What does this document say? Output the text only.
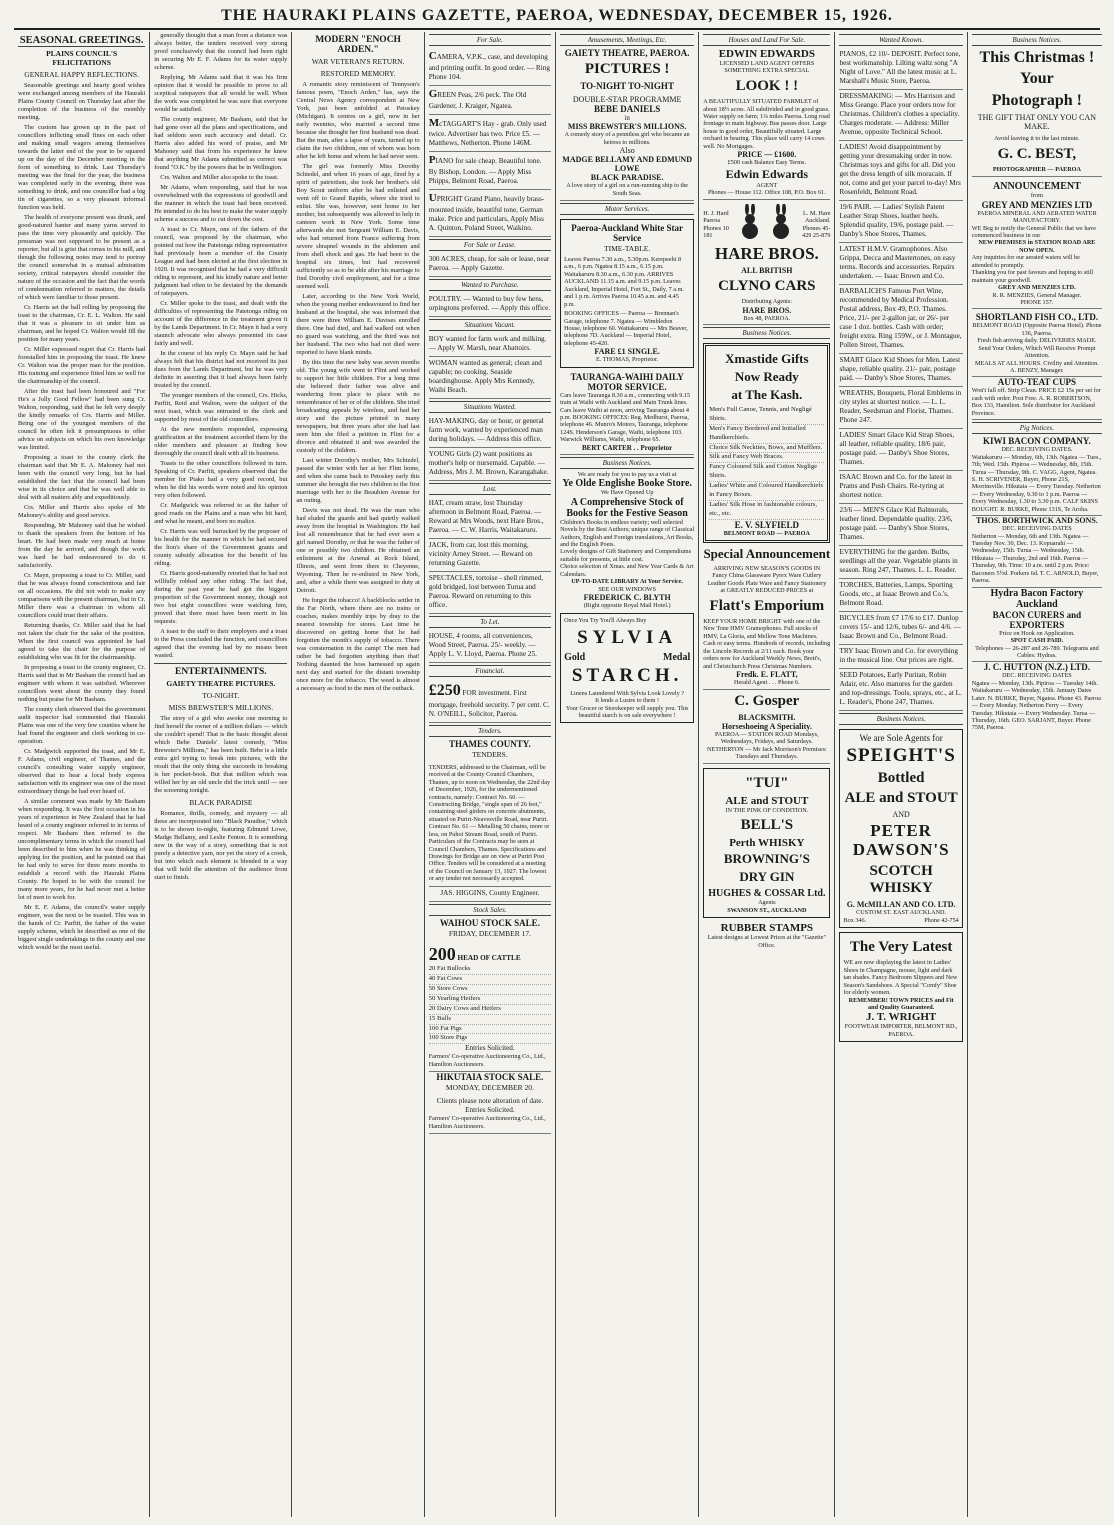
THE HAURAKI PLAINS GAZETTE, PAEROA, WEDNESDAY, DECEMBER 15, 1926.
SEASONAL GREETINGS.
PLAINS COUNCIL'S FELICITATIONS
GENERAL HAPPY REFLECTIONS.

Seasonable greetings and hearty good wishes were exchanged among members of the Hauraki Plains County Council on Thursday last after the completion of the business of the monthly meeting.

The custom has grown up in the past of councillors inflicting small fines on each other and making small wagers among themselves towards the latter end of the year to be squared up on the day of the December meeting in the form of something to drink. Last Thursday's meeting was the final for the year, the business was completed early in the evening, there was something to drink, and one councillor had a big tin of cigarettes, so a very pleasant informal function was held.

The health of everyone present was drunk, and good-natured banter and many yarns served to pass the time very pleasantly and quickly. The pressman was not supposed to be present as a reporter, but all is grist that comes to his mill, and though the following notes may tend to portray the council somewhat in a mutual admiration society, critical ratepayers should consider the nature of the occasion and the fact that the words of condemnation referred to matters, the details of which were familiar to those present.

Cr. Harris set the ball rolling by proposing the toast to the chairman, Cr. E. L. Walton. He said that it was a pleasure to sit under him as chairman, and he hoped Cr. Walton would fill the position for many years.

Cr. Miller expressed regret that Cr. Harris had forestalled him in proposing the toast. He knew Cr. Walton was the proper man for the position. His training and experience fitted him so well for the chairmanship of the council.

After the toast had been honoured and "For He's a Jolly Good Fellow" had been sung Cr. Walton, responding, said that he felt very deeply the kindly remarks of Crs. Harris and Miller. Being one of the youngest members of the council he often felt it presumptuous to offer advice on subjects on which his own knowledge was limited.

Proposing a toast to the county clerk the chairman said that Mr E. A. Mahoney had not been with the council very long, but he had established the fact that the council had been wise in its choice and that he was well able to deal with all matters ably and expeditiously.

Crs. Miller and Harris also spoke of Mr Mahoney's ability and good service.

Responding, Mr Mahoney said that he wished to thank the speakers from the bottom of his heart. He had been made very much at home from the day he arrived, and though the work was hard he had endeavoured to do it satisfactorily.

Cr. Mayn, proposing a toast to Cr. Miller, said that he was always found conscientious and fair on all occasions. He did not wish to make any comparisons with the present chairman, but in Cr. Miller there was a chairman in whom all councillors could trust their affairs.

Returning thanks, Cr. Miller said that he had not taken the chair for the sake of the position. When the first council was appointed he had agreed to take the chair for the purpose of establishing who was fit for the chairmanship.

In proposing a toast to the county engineer, Cr. Harris said that in Mr Basham the council had an engineer with whom it was satisfied. Wherever councillors went about the county they found nothing but praise for Mr Basham.

The county clerk observed that the government audit inspector had commented that Hauraki Plains was one of the very few counties where he had found the engineer and clerk working in co-operation.

Cr. Madgwick supported the toast, and Mr E. F. Adams, civil engineer, of Thames, and the council's consulting water supply engineer, observed that to hear a local body express satisfaction with its engineer was one of the most extraordinary things he had ever heard of.

A similar comment was made by Mr Basham when responding. It was the first occasion in his years of experience in New Zealand that he had heard of a county engineer referred to in terms of respect. Mr Basham then referred to the uncomplimentary terms in which the council had been described to him when he was thinking of applying for the position, and he pointed out that he had only to serve for three more months to establish a record with the Hauraki Plains County. He hoped to be with the council for many more years, for he had never met a better lot of men to work for.

Mr E. F. Adams, the council's water supply engineer, was the next to be toasted. This was in the hands of Cr. Parfitt, the father of the water supply scheme, which he described as one of the biggest single undertakings in the county and one which would be the most useful.

generally thought that a man from a distance was always better, the tenders received very strong proof conclusively that the council had been right in securing Mr E. F. Adams for its water supply scheme.

Replying, Mr Adams said that it was his firm opinion that it would be possible to prove to all sceptical ratepayers that all would be well. When the work was completed he was sure that everyone would be satisfied.

The county engineer, Mr Basham, said that he had gone over all the plans and specifications, and had seldom seen such accuracy and detail. Cr. Harris also added his word of praise, and Mr Mahoney said that from his experience he knew that anything Mr Adams submitted as correct was found "O.K." by the powers that be in Wellington.

Crs. Walton and Miller also spoke to the toast.

Mr Adams, when responding, said that he was overwhelmed with the expressions of goodwill and the manner in which the toast had been received. He intended to do his best to make the water supply scheme a success and to cut down the cost.

A toast to Cr. Mayn, one of the fathers of the council, was proposed by the chairman, who pointed out how the Patetonga riding representative had previously been a member of the County League and had been elected at the first election in 1920. It was recognised that he had a very difficult riding to represent, and his kindly nature and better judgment had often to be deviated by the demands of ratepayers.

Cr. Miller spoke to the toast, and dealt with the difficulties of representing the Patetonga riding on account of the difference in the treatment given it by the Lands Department. In Cr. Mayn it had a very staunch advocate who always presented its case fairly and well.

In the course of his reply Cr. Mayn said he had always felt that his district had not received its just dues from the Lands Department, but he was very definite in asserting that it had always been fairly treated by the council.

The younger members of the council, Crs. Hicks, Parfitt, Reid and Walton, were the subject of the next toast, which was entrusted to the clerk and supported by most of the old councillors.

At the new members responded, expressing gratification at the treatment accorded them by the older members and pleasure at finding how thoroughly the council dealt with all its business.

Toasts to the other councillors followed in turn. Speaking of Cr. Parfitt, speakers observed that the member for Piako had a very good record, but when he did his words were noted and his opinion very often followed.

Cr. Madgwick was referred to as the father of good roads on the Plains and a man who hit hard, and what he meant, and bore no malice.

Cr. Harris was well barracked by the proposer of his health for the manner in which he had secured the lion's share of the Government grants and county subsidy allocation for the benefit of his riding.

Cr. Harris good-naturedly retorted that he had not willfully robbed any other riding. The fact that, during the past year he had got the biggest proportion of the Government money, though not two but eight councillors were watching him, proved that there must have been merit in his requests.

A toast to the staff to their employers and a toast to the Press concluded the function, and councillors agreed that the evening had by no means been wasted.

ENTERTAINMENTS.
GAIETY THEATRE PICTURES.
TO-NIGHT.
MISS BREWSTER'S MILLIONS.

The story of a girl who awoke one morning to find herself the owner of a million dollars — which she couldn't spend! That is the basic thought about which Bebe Daniels' latest comedy, "Miss Brewster's Millions," has been built. Bebe is a little extra girl trying to break into pictures, with the result that the only thing she succeeds in breaking is her pocket-book. But that million which was willed her by an old uncle did the trick until — see the screening tonight.

BLACK PARADISE

Romance, thrills, comedy, and mystery — all these are incorporated into "Black Paradise," which is to be shown to-night, featuring Edmund Lowe, Madge Bellamy, and Leslie Fenton. It is something new in the way of a story, something that is not purely a detective yarn, nor yet the story of a crook, but into which each element is blended in a way that will hold the attention of the audience from start to finish.

MODERN "ENOCH ARDEN."
WAR VETERAN'S RETURN.
RESTORED MEMORY.

A romantic story reminiscent of Tennyson's famous poem, "Enoch Arden," has, says the Central News Agency correspondent at New York, just been unfolded at Petoskey (Michigan). It centres on a girl, now in her early twenties, who married a second time because she thought her first husband was dead. But the man, after a lapse of years, turned up to claim the two children, one of whom was born after he left home and whom he had never seen.

The girl was formerly Miss Dorothy Schiedel, and when 16 years of age, fired by a spirit of patriotism, she took her brother's old Boy Scout uniform after he had enlisted and went off to Grand Rapids, where she tried to enlist. She was, however, sent home to her mother, but subsequently was allowed to help in canteen work in New York. Some time afterwards she met Sergeant William E. Davis, who had returned from France suffering from severe shrapnel wounds in the abdomen and from shell shock and gas. He had been to the hospital six times, but had recovered sufficiently so as to be able after his marriage to find Dorothy civil employment, and for a time seemed well.

Later, according to the New York World, when the young mother endeavoured to find her husband at the hospital, she was informed that there were three William E. Davises enrolled there. One had died, and had walked out when no guard was watching, and the third was not her husband. The two who had not died were reported to have blank minds.

By this time the new baby was seven months old. The young wife went to Flint and worked to support her little children. For a long time she believed their father was alive and wandering from place to place with no remembrance of her or of the children. She tried broadcasting appeals by wireless, and had her story and the picture printed in many newspapers, but three years after she had last seen him she filed a petition in Flint for a divorce and obtained it and was awarded the custody of the children.

Last winter Dorothy's mother, Mrs Schiedel, passed the winter with her at her Flint home, and when she came back to Petoskey early this summer she brought the two children to the first marriage with her to the Beaubien Avenue for an outing.

Davis was not dead. He was the man who had eluded the guards and had quietly walked away from the hospital in Washington. He had lost all remembrance that he had ever seen a girl named Dorothy, or that he was the father of one or possibly two children. He obtained an enlistment at the Arsenal at Rock Island, Illinois, and went from there to Cheyenne, Wyoming. Then he re-enlisted in New York, and, after a while there was assigned to duty at Detroit.

He forgot the tobacco! A backblocks settler in the Far North, where there are no trains or coaches, makes monthly trips by dray to the nearest township for stores. Last time he discovered on getting home that he had forgotten the month's supply of tobacco. There was consternation in the camp! The men had rather be had forgotten anything than that! Nothing daunted the boss harnessed up again next day and started for the distant township once more for the tobacco. The weed is almost a necessary as food to the men of the outback.

For Sale.
CAMERA, V.P.K., case, and developing and printing outfit. In good order. — Ring Phone 104.
GREEN Peas, 2/6 peck. The Old Gardener, J. Kraiger, Ngatea.
McTAGGART'S Hay - grab. Only used twice. Advertiser has two. Price £5. — Matthews, Netherton. Phone 146M.
PIANO for sale cheap. Beautiful tone. By Bishop, London. — Apply Miss Phipps, Belmont Road, Paeroa.
UPRIGHT Grand Piano, heavily brass-mounted inside, beautiful tone, German make. Price and particulars, Apply Miss A. Quinton, Poland Street, Waikino.
For Sale or Lease.
300 ACRES, cheap, for sale or lease, near Paeroa. — Apply Gazette.
Wanted to Purchase.
POULTRY. — Wanted to buy few hens, orpingtons preferred. — Apply this office.
Situations Vacant.
BOY wanted for farm work and milking. — Apply W. Marsh, near Abattoirs.
WOMAN wanted as general; clean and capable; no cooking. Seaside boardinghouse. Apply Mrs Kennedy, Waihi Beach.
Situations Wanted.
HAY-MAKING, day or hour, or general farm work, wanted by experienced man during holidays. — Address this office.
YOUNG Girls (2) want positions as mother's help or nursemaid. Capable. — Address, Mrs J. M. Brown, Karangahake.
Lost.
HAT, cream straw, lost Thursday afternoon in Belmont Road, Paeroa. — Reward at Mrs Woods, next Hare Bros., Paeroa. — C. W. Harris, Waitakaruru.
JACK, from car, lost this morning, vicinity Arney Street. — Reward on returning Gazette.
SPECTACLES, tortoise - shell rimmed, gold bridged, lost between Turua and Paeroa. Reward on returning to this office.
To Let.
HOUSE, 4 rooms, all conveniences, Wood Street, Paeroa. 25/- weekly. — Apply L. V. Lloyd, Paeroa. Phone 25.
Financial.
£250 FOR investment. First mortgage, freehold security. 7 per cent. C. N. O'NEILL, Solicitor, Paeroa.
Tenders.
THAMES COUNTY.
TENDERS.
TENDERS, addressed to the Chairman, will be received at the County Council Chambers, Thames, up to noon on Wednesday, the 22nd day of December, 1926, for the undermentioned contracts, namely: Contract No. 60. — Constructing Bridge, "single span of 26 feet," containing steel girders on concrete abutments, situated on Puriri-Neavesville Road, near Puriri. Contract No. 61 — Metalling 50 chains, more or less, on Puhoi Stream Road, south of Puriri. Particulars of the Contracts may be seen at Council Chambers, Thames. Specifications and Drawings for Bridge are on view at Puriri Post Office. Tenders will be considered at a meeting of the Council on January 13, 1927. The lowest or any tender not necessarily accepted.
JAS. HIGGINS, County Engineer.
Stock Sales.
WAIHOU STOCK SALE.
FRIDAY, DECEMBER 17.
200 HEAD OF CATTLE
20 Fat Bullocks
40 Fat Cows
50 Store Cows
50 Yearling Heifers
20 Dairy Cows and Heifers
15 Bulls
100 Fat Pigs
100 Store Pigs
Entries Solicited.
Farmers' Co-operative Auctioneering Co., Ltd., Hamilton Auctioneers.
HIKUTAIA STOCK SALE.
MONDAY, DECEMBER 20.
Clients please note alteration of date.
Entries Solicited.
Farmers' Co-operative Auctioneering Co., Ltd., Hamilton Auctioneers.
Amusements, Meetings, Etc.
GAIETY THEATRE, PAEROA.
PICTURES !
TO-NIGHT TO-NIGHT
DOUBLE-STAR PROGRAMME
BEBE DANIELS
in
MISS BREWSTER'S MILLIONS.
A comedy story of a penniless girl who became an heiress to millions.
Also
MADGE BELLAMY AND EDMUND LOWE
BLACK PARADISE.
A love story of a girl on a run-running ship to the South Seas.
Motor Services.
Paeroa-Auckland White Star Service
TIME-TABLE.
Leaves Paeroa 7.30 a.m., 5.30p.m. Kerepeehi 8 a.m., 6 p.m. Ngatea 8.15 a.m., 6.15 p.m. Waitakaruru 8.30 a.m., 6.30 p.m. ARRIVES AUCKLAND 11.15 a.m. and 9.15 p.m. Leaves Auckland, Imperial Hotel, Fort St., Daily, 7 a.m. and 1 p.m. Arrives Paeroa 10.45 a.m. and 4.45 p.m.
BOOKING OFFICES — Paeroa — Brennan's Garage, telephone 7. Ngatea — Wimbledon House, telephone 60. Waitakaruru — Mrs Beaver, telephone 7D. Auckland — Imperial Hotel, telephone 45-420.
FARE £1 SINGLE.
E. THOMAS, Proprietor.
TAURANGA-WAIHI DAILY MOTOR SERVICE.
Cars leave Tauranga 8.30 a.m., connecting with 9.15 train at Waihi with Auckland and Main Trunk lines. Cars leave Waihi at noon, arriving Tauranga about 4 p.m. BOOKING OFFICES: Reg. Medhurst, Paeroa, telephone 46. Munro's Motors, Tauranga, telephone 124S. Henderson's Garage, Waihi, telephone 103. Warwick Williams, Waihi, telephone 65.
BERT CARTER . . Proprietor
Business Notices.
We are ready for you to pay us a visit at
Ye Olde Englishe Booke Store.
We Have Opened Up
A Comprehensive Stock of Books for the Festive Season
Children's Books in endless variety; well selected Novels by the Best Authors; unique range of Classical Authors, English and Foreign translations, Art Books, and the English Poets.
Lovely designs of Gift Stationery and Compendiums suitable for presents, at little cost.
Choice selection of Xmas. and New Year Cards & Art Calendars.
UP-TO-DATE LIBRARY At Your Service.
SEE OUR WINDOWS
FREDERICK C. BLYTH
(Right opposite Royal Mail Hotel.)
Once You Try You'll Always Buy
SYLVIA
Gold	Medal
STARCH.
Linens Laundered With Sylvia Look Lovely ?
It lends a Lustre to them !
Your Grocer or Storekeeper will supply you. This beautiful starch is on sale everywhere !
Houses and Land For Sale.
EDWIN EDWARDS
LICENSED LAND AGENT OFFERS SOMETHING EXTRA SPECIAL
LOOK ! !
A BEAUTIFULLY SITUATED FARMLET of about 18½ acres. All subdivided and in good grass. Water supply on farm; 1¼ miles Paeroa. Long road frontage to main highway. Bus passes door. Large house in good order, Beautifully situated. Large orchard in bearing. This place will carry 14 cows well. No Mortgages.
PRICE — £1600.
£500 cash Balance Easy Terms.
Edwin Edwards
AGENT
Phones — House 112. Office 108, P.O. Box 61.
H. J. Hard Paeroa Phones 10 181
L. M. Hare Auckland. Phones 45-429 25-879
HARE BROS.
ALL BRITISH
CLYNO CARS
Distributing Agents:
HARE BROS.
Box 48, PAEROA.
Business Notices.
Xmastide Gifts
Now Ready
at The Kash.
Men's Full Canoe, Tennis, and Negligé Shirts.
Men's Fancy Bordered and Initialled Handkerchiefs.
Choice Silk Neckties, Bows, and Mufflers.
Silk and Fancy Web Braces.
Fancy Coloured Silk and Cotton Neglige Shirts.
Ladies' White and Coloured Handkerchiefs in Fancy Boxes.
Ladies' Silk Hose in fashionable colours, etc., etc.
E. V. SLYFIELD
BELMONT ROAD — PAEROA
Special Announcement
ARRIVING NEW SEASON'S GOODS IN
Fancy China Glassware Pyrex Ware Cutlery Leather Goods Plate Ware and Fancy Stationery
at GREATLY REDUCED PRICES at
Flatt's Emporium
KEEP YOUR HOME BRIGHT with one of the New Tone HMV Gramophones. Full stocks of HMV, La Gloria, and Mellow Tone Machines. Cash or easy terms. Hundreds of records, including the Lincoln Records at 2/11 each. Book your orders now for Auckland Weekly News, Brett's, and Christchurch Press Christmas Numbers.
Fredk. E. FLATT,
Herald Agent . . . Phone 6.
C. Gosper
BLACKSMITH.
Horseshoeing A Speciality.
PAEROA — STATION ROAD Mondays, Wednesdays, Fridays, and Saturdays.
NETHERTON — Mr Jack Morrison's Premises: Tuesdays and Thursdays.
"TUI"
ALE and STOUT
IN THE PINK OF CONDITION.
BELL'S
Perth WHISKY
BROWNING'S
DRY GIN
HUGHES & COSSAR Ltd.
Agents
SWANSON ST., AUCKLAND
RUBBER STAMPS
Latest designs at Lowest Prices at the "Gazette" Office.
Wanted Known.
PIANOS, £2 10/- DEPOSIT. Perfect tone, best workmanship. Lilting waltz song "A Night of Love." All the latest music at L. Marshall's Music Store, Paeroa.
DRESSMAKING: — Mrs Harrison and Miss Geange. Place your orders now for Christmas. Children's clothes a speciality. Charges moderate. — Address: Miller Avenue, opposite Technical School.
LADIES! Avoid disappointment by getting your dressmaking order in now. Christmas toys and gifts for all. Did you get the dress length of silk moracain. If not, come and get your parcel to-day! Mrs Rosenfeldt, Belmont Road.
19/6 PAIR. — Ladies' Stylish Patent Leather Strap Shoes, leather heels. Splendid quality, 19/6, postage paid. — Danby's Shoe Stores, Thames.
LATEST H.M.V. Gramophones. Also Grippa, Decca and Mastertones, on easy terms. Records and accessories. Repairs undertaken. — Isaac Brown and Co.
BARBALICH'S Famous Port Wine, recommended by Medical Profession. Postal address, Box 49, P.O. Thames. Price, 21/- per 2-gallon jar, or 26/- per case 1 doz. bottles. Cash with order; freight extra. Ring 159W., or J. Montague, Pollen Street, Thames.
SMART Glace Kid Shoes for Men. Latest shape, reliable quality. 21/- pair, postage paid. — Danby's Shoe Stores, Thames.
WREATHS, Bouquets, Floral Emblems in city styles at shortest notice. — L. L. Reader, Seedsman and Florist, Thames. Phone 247.
LADIES' Smart Glace Kid Strap Shoes, all leather, reliable quality, 18/6 pair, postage paid. — Danby's Shoe Stores, Thames.
ISAAC Brown and Co. for the latest in Prams and Push Chairs. Re-tyring at shortest notice.
23/6 — MEN'S Glace Kid Balmorals, leather lined. Dependable quality. 23/6, postage paid. — Danby's Shoe Stores, Thames.
EVERYTHING for the garden. Bulbs, seedlings all the year. Vegetable plants in season. Ring 247, Thames. L. L. Reader.
TORCHES, Batteries, Lamps, Sporting Goods, etc., at Isaac Brown and Co.'s, Belmont Road.
BICYCLES from £7 17/6 to £17. Dunlop covers 15/- and 12/6, tubes 6/- and 4/6. — Isaac Brown and Co., Belmont Road.
TRY Isaac Brown and Co. for everything in the musical line. Our prices are right.
SEED Potatoes, Early Puritan, Robin Adair, etc. Also manures for the garden and top-dressings. Tools, sprays, etc., at L. L. Reader's, Phone 247, Thames.
Business Notices.
We are Sole Agents for
SPEIGHT'S
Bottled
ALE and STOUT
AND
PETER DAWSON'S
SCOTCH WHISKY
G. McMILLAN AND CO. LTD.
CUSTOM ST. EAST AUCKLAND.
Box 346.	Phone 42-754
The Very Latest
WE are now displaying the latest in Ladies' Shoes in Champagne, mouse, light and dark tan shades. Fancy Bedroom Slippers and New Season's Sandshoes. A Special "Comfy" Shoe for elderly women.
REMEMBER! TOWN PRICES and Fit and Quality Guaranteed.
J. T. WRIGHT
FOOTWEAR IMPORTER, BELMONT RD., PAEROA.
Business Notices.
This Christmas !
Your
Photograph !
THE GIFT THAT ONLY YOU CAN MAKE.
Avoid leaving it to the last minute.
G. C. BEST,
PHOTOGRAPHER — PAEROA
ANNOUNCEMENT
from
GREY AND MENZIES LTD
PAEROA MINERAL AND AERATED WATER MANUFACTORY.
WE Beg to notify the General Public that we have commenced business in our
NEW PREMISES in STATION ROAD ARE NOW OPEN.
Any inquiries for our aerated waters will be attended to promptly.
Thanking you for past favours and hoping to still maintain your goodwill.
GREY AND MENZIES LTD.
R. R. MENZIES, General Manager.
PHONE 157.
SHORTLAND FISH CO., LTD.
BELMONT ROAD (Opposite Paeroa Hotel). Phone 136, Paeroa.
Fresh fish arriving daily. DELIVERIES MADE. Send Your Orders, Which Will Receive Prompt Attention.
MEALS AT ALL HOURS. Civility and Attention. A. BENZY, Manager.
AUTO-TEAT CUPS
Won't fall off. Strip Clean. PRICE £2 15s per set for cash with order. Post Free. A. R. ROBERTSON, Box 133, Hamilton. Sole distributor for Auckland Province.
Pig Notices.
KIWI BACON COMPANY.
DEC. RECEIVING DATES.
Waitakaruru — Monday, 6th, 13th. Ngatea — Tues., 7th; Wed. 15th. Pipiroa — Wednesday, 8th, 15th. Turua — Thursday, 9th. C. VAGG, Agent, Ngatea. S. H. SCRIVENER, Buyer, Phone 21S, Morrinsville. Hikutaia — Every Tuesday. Netherton — Every Wednesday, 9.30 to 1 p.m. Paeroa — Every Wednesday, 1.30 to 3.30 p.m. CALF SKINS BOUGHT. R. BURKE, Phone 131S, Te Aroha.
THOS. BORTHWICK AND SONS.
DEC. RECEIVING DATES
Netherton — Monday, 6th and 13th. Ngatea — Tuesday Nov. 30, Dec. 13. Kopuarahi — Wednesday, 15th. Turua — Wednesday, 15th. Hikutaia — Thursday, 2nd and 16th. Paeroa — Thursday, 9th. Time: 10 a.m. until 2 p.m. Price: Baconers 5½d. Porkers 6d. T. C. ARNOLD, Buyer, Paeroa.
Hydra Bacon Factory Auckland
BACON CURERS and EXPORTERS
Price on Hook on Application.
SPOT CASH PAID.
Telephones — 26-287 and 26-789. Telegrams and Cables: Hydras.
J. C. HUTTON (N.Z.) LTD.
DEC. RECEIVING DATES
Ngatea — Monday, 13th. Pipiroa — Tuesday 14th. Waitakaruru — Wednesday, 15th. January Dates Later. N. BURKE, Buyer, Ngatea. Phone 43. Paeroa — Every Monday. Netherton Ferry — Every Tuesday. Hikutaia — Every Wednesday. Turua — Thursday, 16th. GEO. SARJANT, Buyer. Phone 75M, Paeroa.
